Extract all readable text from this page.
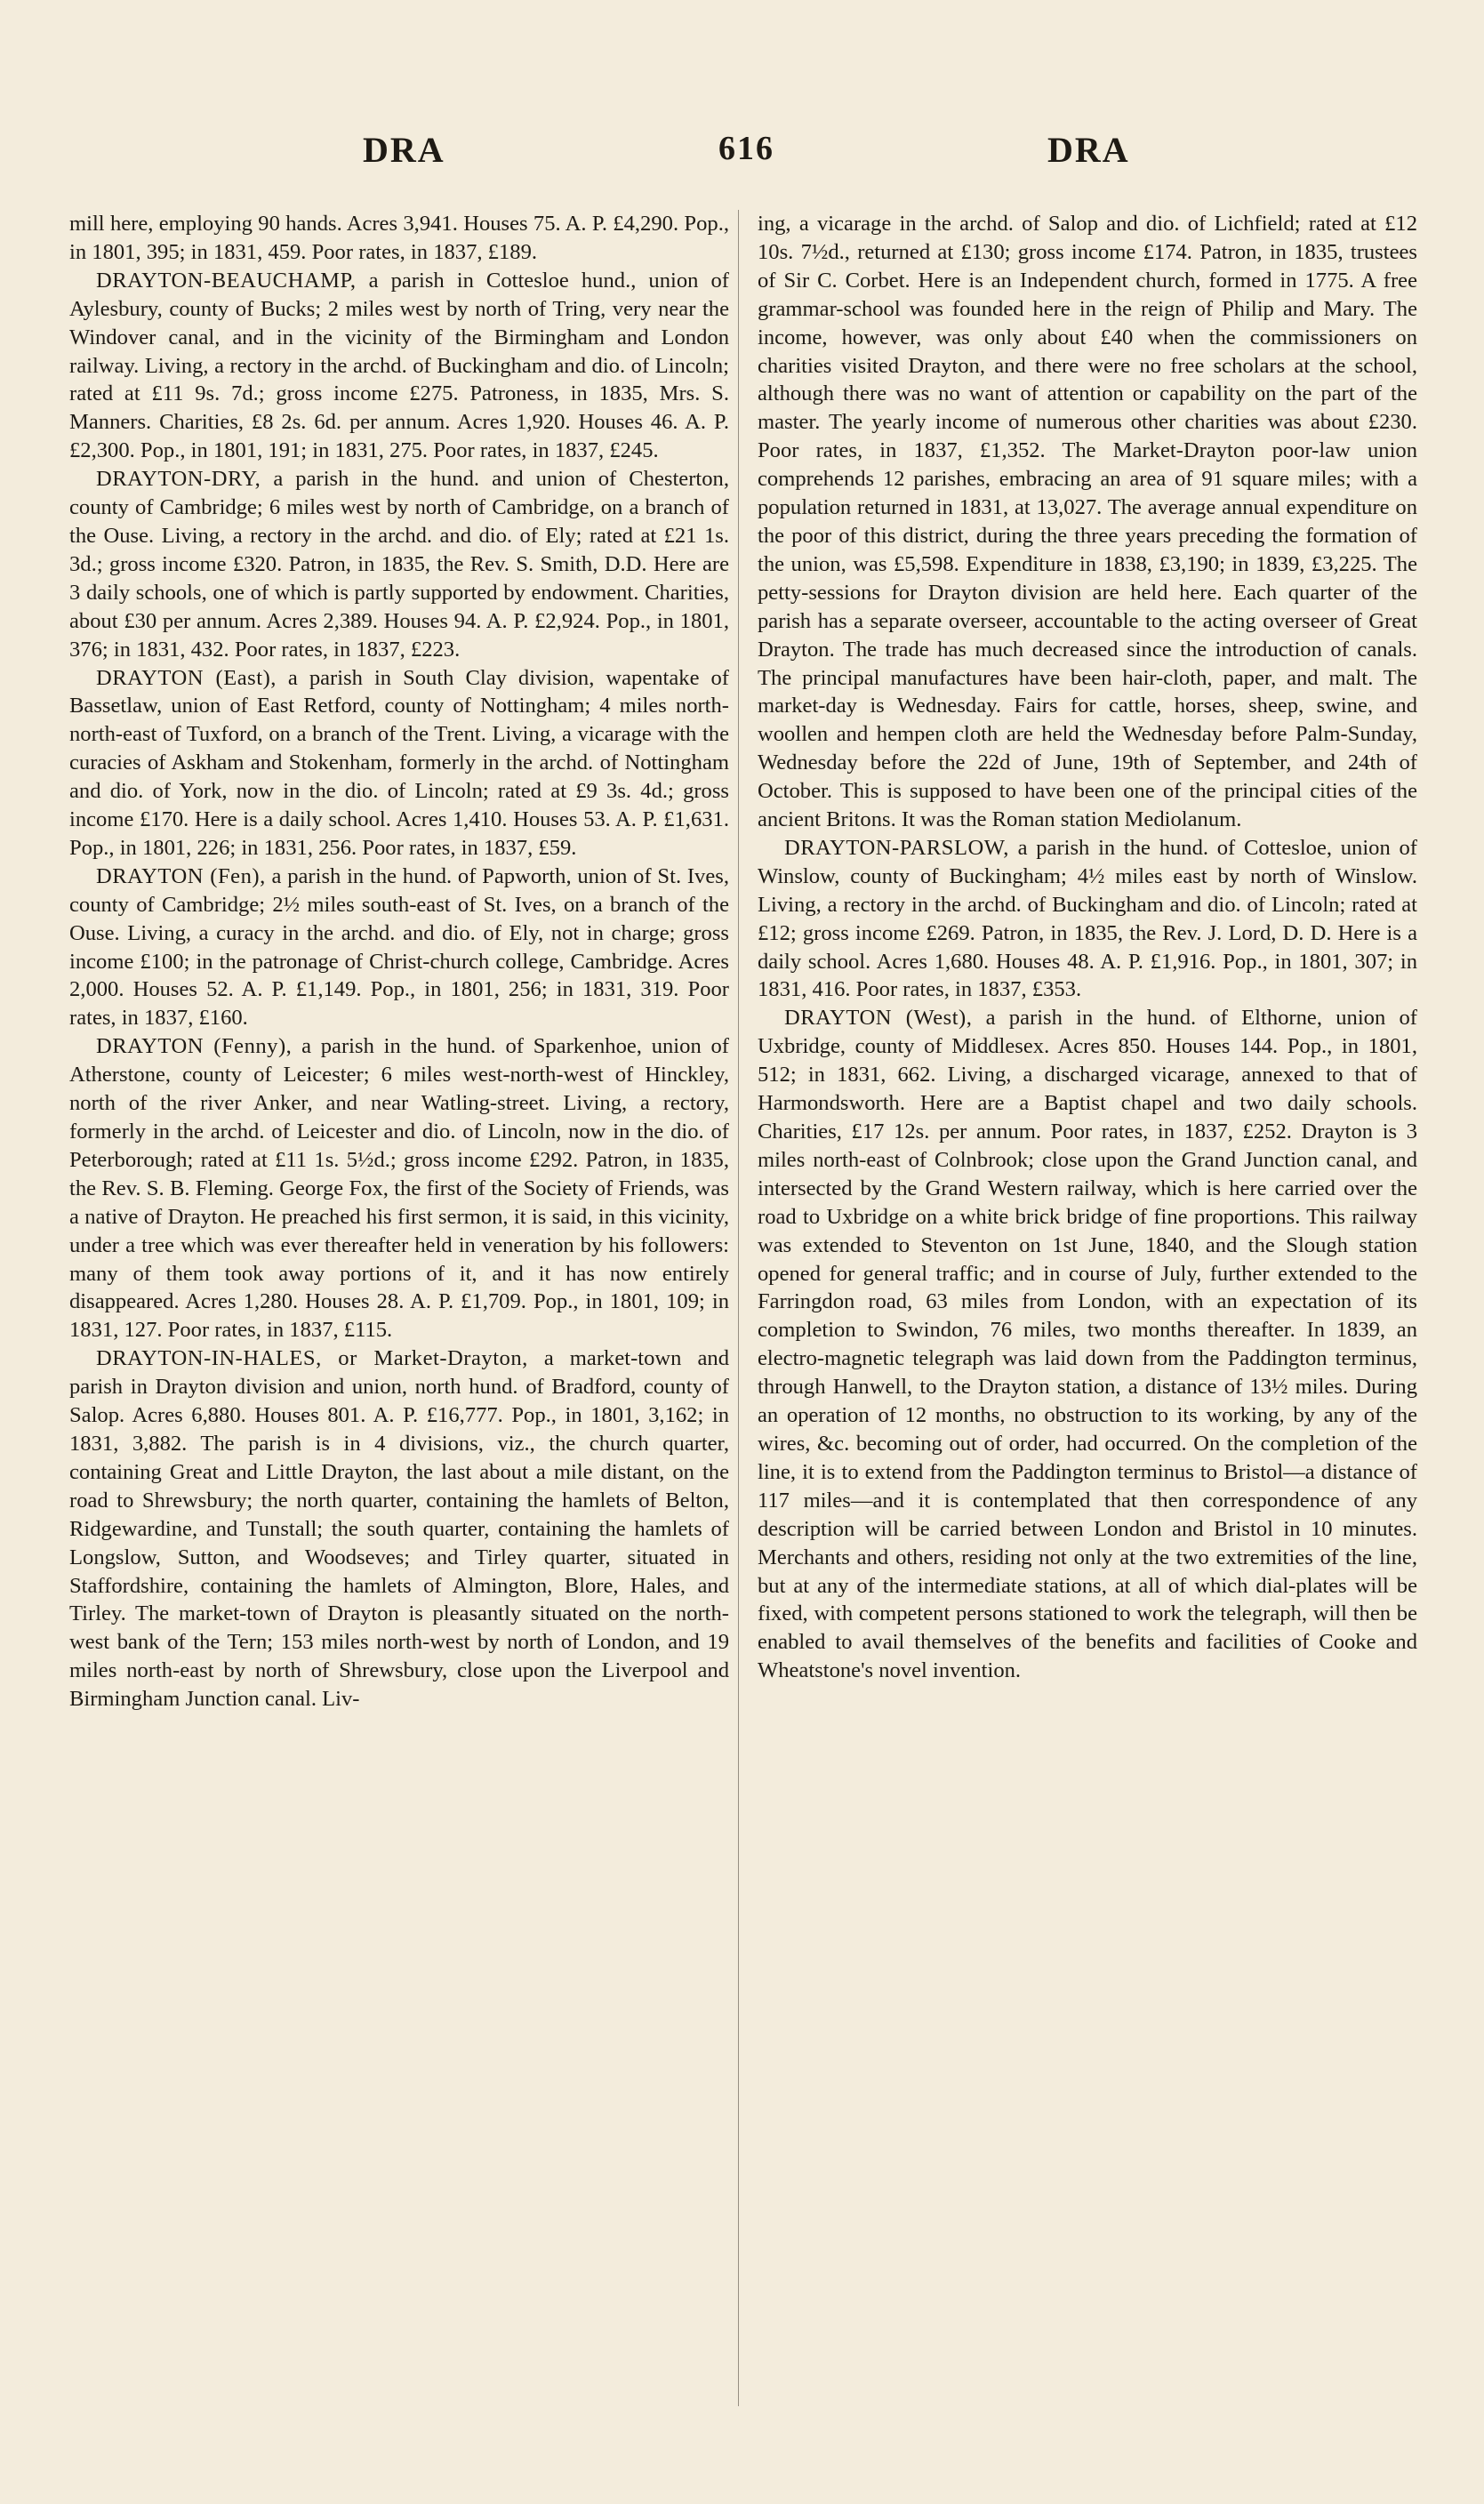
DRA	616	DRA

mill here, employing 90 hands. Acres 3,941. Houses 75. A. P. £4,290. Pop., in 1801, 395; in 1831, 459. Poor rates, in 1837, £189.

DRAYTON-BEAUCHAMP, a parish in Cottesloe hund., union of Aylesbury, county of Bucks; 2 miles west by north of Tring, very near the Windover canal, and in the vicinity of the Birmingham and London railway. Living, a rectory in the archd. of Buckingham and dio. of Lincoln; rated at £11 9s. 7d.; gross income £275. Patroness, in 1835, Mrs. S. Manners. Charities, £8 2s. 6d. per annum. Acres 1,920. Houses 46. A. P. £2,300. Pop., in 1801, 191; in 1831, 275. Poor rates, in 1837, £245.

DRAYTON-DRY, a parish in the hund. and union of Chesterton, county of Cambridge; 6 miles west by north of Cambridge, on a branch of the Ouse. Living, a rectory in the archd. and dio. of Ely; rated at £21 1s. 3d.; gross income £320. Patron, in 1835, the Rev. S. Smith, D.D. Here are 3 daily schools, one of which is partly supported by endowment. Charities, about £30 per annum. Acres 2,389. Houses 94. A. P. £2,924. Pop., in 1801, 376; in 1831, 432. Poor rates, in 1837, £223.

DRAYTON (East), a parish in South Clay division, wapentake of Bassetlaw, union of East Retford, county of Nottingham; 4 miles north-north-east of Tuxford, on a branch of the Trent. Living, a vicarage with the curacies of Askham and Stokenham, formerly in the archd. of Nottingham and dio. of York, now in the dio. of Lincoln; rated at £9 3s. 4d.; gross income £170. Here is a daily school. Acres 1,410. Houses 53. A. P. £1,631. Pop., in 1801, 226; in 1831, 256. Poor rates, in 1837, £59.

DRAYTON (Fen), a parish in the hund. of Papworth, union of St. Ives, county of Cambridge; 2½ miles south-east of St. Ives, on a branch of the Ouse. Living, a curacy in the archd. and dio. of Ely, not in charge; gross income £100; in the patronage of Christ-church college, Cambridge. Acres 2,000. Houses 52. A. P. £1,149. Pop., in 1801, 256; in 1831, 319. Poor rates, in 1837, £160.

DRAYTON (Fenny), a parish in the hund. of Sparkenhoe, union of Atherstone, county of Leicester; 6 miles west-north-west of Hinckley, north of the river Anker, and near Watling-street. Living, a rectory, formerly in the archd. of Leicester and dio. of Lincoln, now in the dio. of Peterborough; rated at £11 1s. 5½d.; gross income £292. Patron, in 1835, the Rev. S. B. Fleming. George Fox, the first of the Society of Friends, was a native of Drayton. He preached his first sermon, it is said, in this vicinity, under a tree which was ever thereafter held in veneration by his followers: many of them took away portions of it, and it has now entirely disappeared. Acres 1,280. Houses 28. A. P. £1,709. Pop., in 1801, 109; in 1831, 127. Poor rates, in 1837, £115.

DRAYTON-IN-HALES, or Market-Drayton, a market-town and parish in Drayton division and union, north hund. of Bradford, county of Salop. Acres 6,880. Houses 801. A. P. £16,777. Pop., in 1801, 3,162; in 1831, 3,882. The parish is in 4 divisions, viz., the church quarter, containing Great and Little Drayton, the last about a mile distant, on the road to Shrewsbury; the north quarter, containing the hamlets of Belton, Ridgewardine, and Tunstall; the south quarter, containing the hamlets of Longslow, Sutton, and Woodseves; and Tirley quarter, situated in Staffordshire, containing the hamlets of Almington, Blore, Hales, and Tirley. The market-town of Drayton is pleasantly situated on the north-west bank of the Tern; 153 miles north-west by north of London, and 19 miles north-east by north of Shrewsbury, close upon the Liverpool and Birmingham Junction canal. Liv-

ing, a vicarage in the archd. of Salop and dio. of Lichfield; rated at £12 10s. 7½d., returned at £130; gross income £174. Patron, in 1835, trustees of Sir C. Corbet. Here is an Independent church, formed in 1775. A free grammar-school was founded here in the reign of Philip and Mary. The income, however, was only about £40 when the commissioners on charities visited Drayton, and there were no free scholars at the school, although there was no want of attention or capability on the part of the master. The yearly income of numerous other charities was about £230. Poor rates, in 1837, £1,352. The Market-Drayton poor-law union comprehends 12 parishes, embracing an area of 91 square miles; with a population returned in 1831, at 13,027. The average annual expenditure on the poor of this district, during the three years preceding the formation of the union, was £5,598. Expenditure in 1838, £3,190; in 1839, £3,225. The petty-sessions for Drayton division are held here. Each quarter of the parish has a separate overseer, accountable to the acting overseer of Great Drayton. The trade has much decreased since the introduction of canals. The principal manufactures have been hair-cloth, paper, and malt. The market-day is Wednesday. Fairs for cattle, horses, sheep, swine, and woollen and hempen cloth are held the Wednesday before Palm-Sunday, Wednesday before the 22d of June, 19th of September, and 24th of October. This is supposed to have been one of the principal cities of the ancient Britons. It was the Roman station Mediolanum.

DRAYTON-PARSLOW, a parish in the hund. of Cottesloe, union of Winslow, county of Buckingham; 4½ miles east by north of Winslow. Living, a rectory in the archd. of Buckingham and dio. of Lincoln; rated at £12; gross income £269. Patron, in 1835, the Rev. J. Lord, D. D. Here is a daily school. Acres 1,680. Houses 48. A. P. £1,916. Pop., in 1801, 307; in 1831, 416. Poor rates, in 1837, £353.

DRAYTON (West), a parish in the hund. of Elthorne, union of Uxbridge, county of Middlesex. Acres 850. Houses 144. Pop., in 1801, 512; in 1831, 662. Living, a discharged vicarage, annexed to that of Harmondsworth. Here are a Baptist chapel and two daily schools. Charities, £17 12s. per annum. Poor rates, in 1837, £252. Drayton is 3 miles north-east of Colnbrook; close upon the Grand Junction canal, and intersected by the Grand Western railway, which is here carried over the road to Uxbridge on a white brick bridge of fine proportions. This railway was extended to Steventon on 1st June, 1840, and the Slough station opened for general traffic; and in course of July, further extended to the Farringdon road, 63 miles from London, with an expectation of its completion to Swindon, 76 miles, two months thereafter. In 1839, an electro-magnetic telegraph was laid down from the Paddington terminus, through Hanwell, to the Drayton station, a distance of 13½ miles. During an operation of 12 months, no obstruction to its working, by any of the wires, &c. becoming out of order, had occurred. On the completion of the line, it is to extend from the Paddington terminus to Bristol—a distance of 117 miles—and it is contemplated that then correspondence of any description will be carried between London and Bristol in 10 minutes. Merchants and others, residing not only at the two extremities of the line, but at any of the intermediate stations, at all of which dial-plates will be fixed, with competent persons stationed to work the telegraph, will then be enabled to avail themselves of the benefits and facilities of Cooke and Wheatstone's novel invention.
